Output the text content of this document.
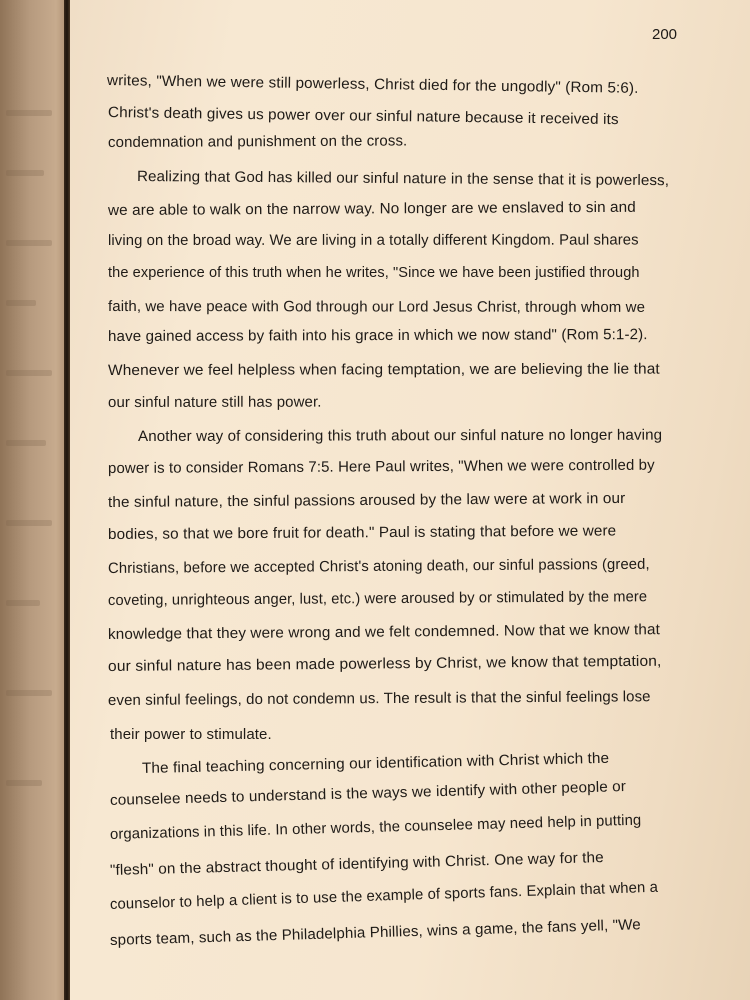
200
writes, "When we were still powerless, Christ died for the ungodly" (Rom 5:6).
Christ's death gives us power over our sinful nature because it received its
condemnation and punishment on the cross.
Realizing that God has killed our sinful nature in the sense that it is powerless,
we are able to walk on the narrow way. No longer are we enslaved to sin and
living on the broad way. We are living in a totally different Kingdom. Paul shares
the experience of this truth when he writes, "Since we have been justified through
faith, we have peace with God through our Lord Jesus Christ, through whom we
have gained access by faith into his grace in which we now stand" (Rom 5:1-2).
Whenever we feel helpless when facing temptation, we are believing the lie that
our sinful nature still has power.
Another way of considering this truth about our sinful nature no longer having
power is to consider Romans 7:5. Here Paul writes, "When we were controlled by
the sinful nature, the sinful passions aroused by the law were at work in our
bodies, so that we bore fruit for death." Paul is stating that before we were
Christians, before we accepted Christ's atoning death, our sinful passions (greed,
coveting, unrighteous anger, lust, etc.) were aroused by or stimulated by the mere
knowledge that they were wrong and we felt condemned. Now that we know that
our sinful nature has been made powerless by Christ, we know that temptation,
even sinful feelings, do not condemn us. The result is that the sinful feelings lose
their power to stimulate.
The final teaching concerning our identification with Christ which the
counselee needs to understand is the ways we identify with other people or
organizations in this life. In other words, the counselee may need help in putting
"flesh" on the abstract thought of identifying with Christ. One way for the
counselor to help a client is to use the example of sports fans. Explain that when a
sports team, such as the Philadelphia Phillies, wins a game, the fans yell, "We
